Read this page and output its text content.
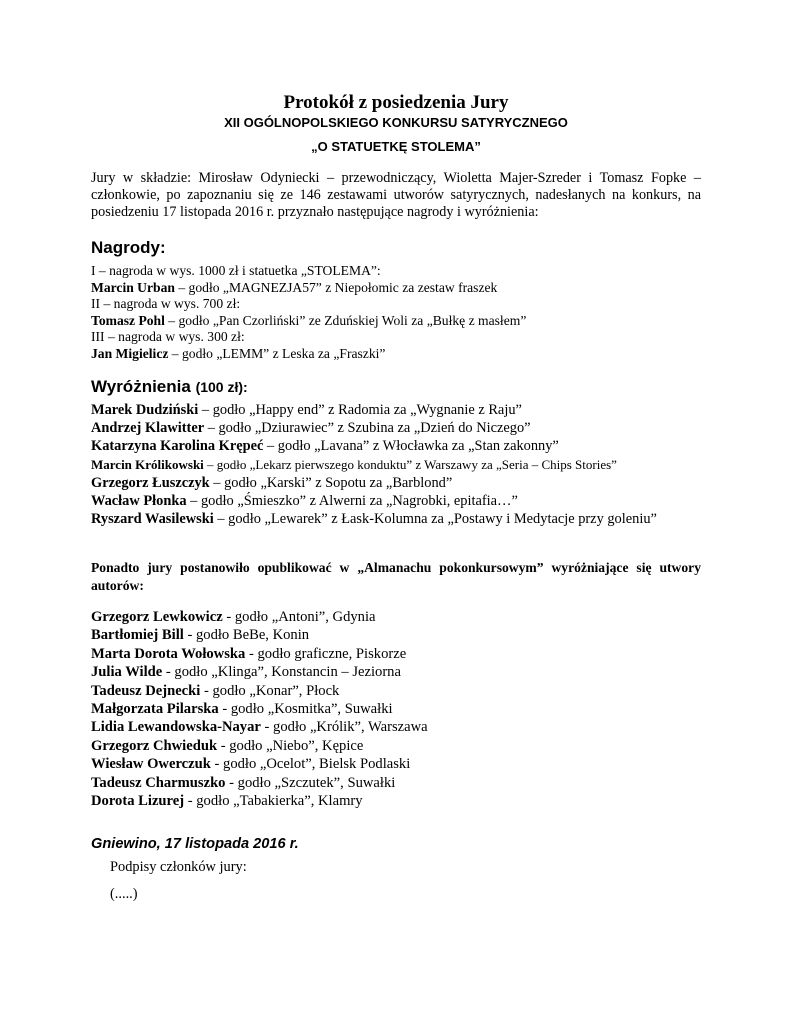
Protokół z posiedzenia Jury
XII OGÓLNOPOLSKIEGO KONKURSU SATYRYCZNEGO
„O STATUETKĘ STOLEMA”
Jury w składzie: Mirosław Odyniecki – przewodniczący, Wioletta Majer-Szreder i Tomasz Fopke – członkowie, po zapoznaniu się ze 146 zestawami utworów satyrycznych, nadesłanych na konkurs, na posiedzeniu 17 listopada 2016 r. przyznało następujące nagrody i wyróżnienia:
Nagrody:
I – nagroda w wys. 1000 zł i statuetka „STOLEMA”:
Marcin Urban – godło „MAGNEZJA57” z Niepołomic za zestaw fraszek
II – nagroda w wys. 700 zł:
Tomasz Pohl – godło „Pan Czorliński” ze Zduńskiej Woli za „Bułkę z masłem”
III – nagroda w wys. 300 zł:
Jan Migielicz – godło „LEMM” z Leska za „Fraszki”
Wyróżnienia (100 zł):
Marek Dudziński – godło „Happy end” z Radomia za „Wygnanie z Raju”
Andrzej Klawitter – godło „Dziurawiec” z Szubina za „Dzień do Niczego”
Katarzyna Karolina Krępeć – godło „Lavana” z Włocławka za „Stan zakonny”
Marcin Królikowski – godło „Lekarz pierwszego konduktu” z Warszawy za „Seria – Chips Stories”
Grzegorz Łuszczyk – godło „Karski” z Sopotu za „Barblond”
Wacław Płonka – godło „Śmieszko” z Alwerni za „Nagrobki, epitafia…”
Ryszard Wasilewski – godło „Lewarek” z Łask-Kolumna za „Postawy i Medytacje przy goleniu”
Ponadto jury postanowiło opublikować w „Almanachu pokonkursowym” wyróżniające się utwory autorów:
Grzegorz Lewkowicz - godło „Antoni”, Gdynia
Bartłomiej Bill - godło BeBe, Konin
Marta Dorota Wołowska - godło graficzne, Piskorze
Julia Wilde - godło „Klinga”, Konstancin – Jeziorna
Tadeusz Dejnecki - godło „Konar”, Płock
Małgorzata Pilarska - godło „Kosmitka”, Suwałki
Lidia Lewandowska-Nayar - godło „Królik”, Warszawa
Grzegorz Chwieduk - godło „Niebo”, Kępice
Wiesław Owerczuk - godło „Ocelot”, Bielsk Podlaski
Tadeusz Charmuszko - godło „Szczutek”, Suwałki
Dorota Lizurej - godło „Tabakierka”, Klamry
Gniewino, 17 listopada 2016 r.
Podpisy członków jury:
(.....)
